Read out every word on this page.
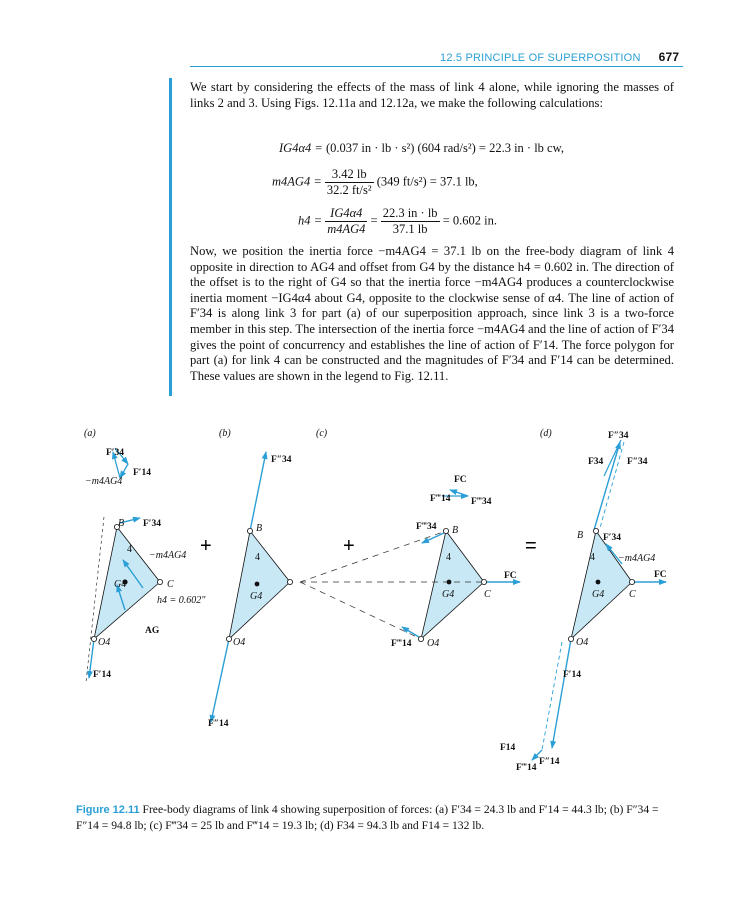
12.5 PRINCIPLE OF SUPERPOSITION 677

We start by considering the effects of the mass of link 4 alone, while ignoring the masses of links 2 and 3. Using Figs. 12.11a and 12.12a, we make the following calculations:

IG4α4 = (0.037 in · lb · s²) (604 rad/s²) = 22.3 in · lb cw,
$m4AG4 = \frac{3.42 lb}{\text{32.2 ft/s²}} (349$ ft/s²) = 37.1 lb,
$h4 = \frac{IG4\alpha 4}{m4AG4} = \frac{22.3 in \cdot lb}{37.1 lb} = 0.602$ in.

Now, we position the inertia force −m4AG4 = 37.1 lb on the free-body diagram of link 4 opposite in direction to AG4 and offset from G4 by the distance h4 = 0.602 in. The direction of the offset is to the right of G4 so that the inertia force −m4AG4 produces a counterclockwise inertia moment −IG4α4 about G4, opposite to the clockwise sense of α4. The line of action of F′34 is along link 3 for part (a) of our superposition approach, since link 3 is a two-force member in this step. The intersection of the inertia force −m4AG4 and the line of action of F′34 gives the point of concurrency and establishes the line of action of F′14. The force polygon for part (a) for link 4 can be constructed and the magnitudes of F′34 and F′14 can be determined. These values are shown in the legend to Fig. 12.11.

(a)	(b)	(c)	(d)
+	+	=
F′34
F′14
−m4AG4
B F′34
4
−m4AG4
G4	C
h4 = 0.602"
AG
O4
F′14
F″34
B
4
G4
O4
F″14
FC
F‴14 F‴34
F‴34 B
4
FC
G4	C
F‴14 O4
F″34
F34 F″34
B F′34
4 −m4AG4
FC
G4 C
O4
F′14
F14
F″14
F‴14

Figure 12.11 Free-body diagrams of link 4 showing superposition of forces: (a) F′34 = 24.3 lb and F′14 = 44.3 lb; (b) F″34 = F″14 = 94.8 lb; (c) F‴34 = 25 lb and F‴14 = 19.3 lb; (d) F34 = 94.3 lb and F14 = 132 lb.
